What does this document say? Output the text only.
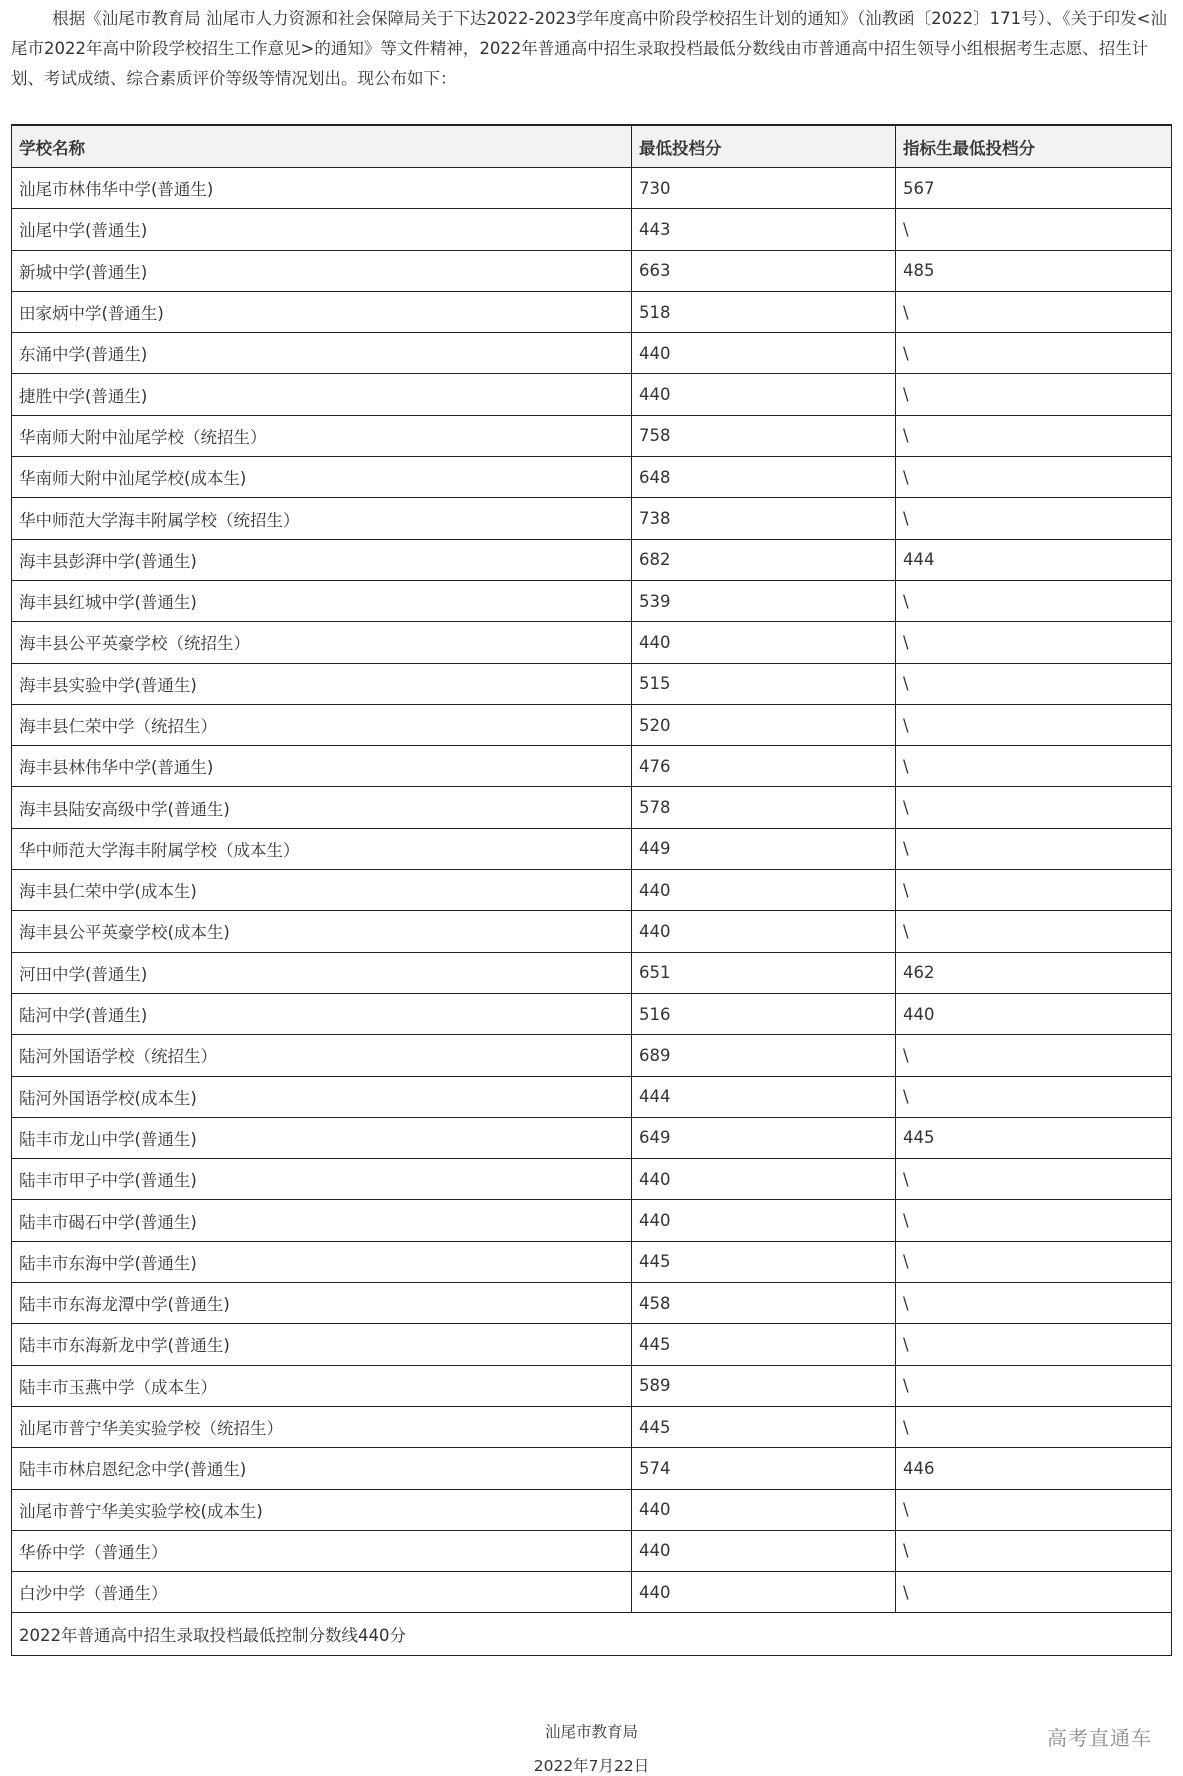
根据《汕尾市教育局 汕尾市人力资源和社会保障局关于下达2022-2023学年度高中阶段学校招生计划的通知》（汕教函〔2022〕171号）、《关于印发<汕尾市2022年高中阶段学校招生工作意见>的通知》等文件精神，2022年普通高中招生录取投档最低分数线由市普通高中招生领导小组根据考生志愿、招生计划、考试成绩、综合素质评价等级等情况划出。现公布如下：

学校名称	最低投档分	指标生最低投档分
汕尾市林伟华中学(普通生)	730	567
汕尾中学(普通生)	443	\
新城中学(普通生)	663	485
田家炳中学(普通生)	518	\
东涌中学(普通生)	440	\
捷胜中学(普通生)	440	\
华南师大附中汕尾学校（统招生）	758	\
华南师大附中汕尾学校(成本生)	648	\
华中师范大学海丰附属学校（统招生）	738	\
海丰县彭湃中学(普通生)	682	444
海丰县红城中学(普通生)	539	\
海丰县公平英豪学校（统招生）	440	\
海丰县实验中学(普通生)	515	\
海丰县仁荣中学（统招生）	520	\
海丰县林伟华中学(普通生)	476	\
海丰县陆安高级中学(普通生)	578	\
华中师范大学海丰附属学校（成本生）	449	\
海丰县仁荣中学(成本生)	440	\
海丰县公平英豪学校(成本生)	440	\
河田中学(普通生)	651	462
陆河中学(普通生)	516	440
陆河外国语学校（统招生）	689	\
陆河外国语学校(成本生)	444	\
陆丰市龙山中学(普通生)	649	445
陆丰市甲子中学(普通生)	440	\
陆丰市碣石中学(普通生)	440	\
陆丰市东海中学(普通生)	445	\
陆丰市东海龙潭中学(普通生)	458	\
陆丰市东海新龙中学(普通生)	445	\
陆丰市玉燕中学（成本生）	589	\
汕尾市普宁华美实验学校（统招生）	445	\
陆丰市林启恩纪念中学(普通生)	574	446
汕尾市普宁华美实验学校(成本生)	440	\
华侨中学（普通生）	440	\
白沙中学（普通生）	440	\
2022年普通高中招生录取投档最低控制分数线440分		
汕尾市教育局
2022年7月22日
高考直通车
